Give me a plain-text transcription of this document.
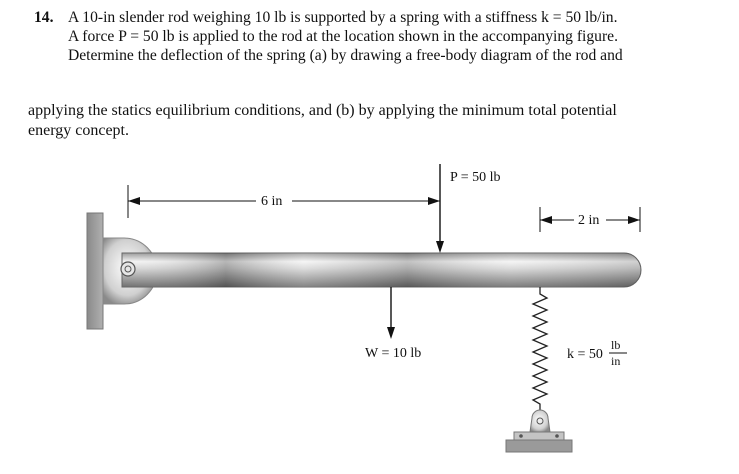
14. A 10-in slender rod weighing 10 lb is supported by a spring with a stiffness k = 50 lb/in.
A force P = 50 lb is applied to the rod at the location shown in the accompanying figure.
Determine the deflection of the spring (a) by drawing a free-body diagram of the rod and
applying the statics equilibrium conditions, and (b) by applying the minimum total potential
energy concept.
6 in
P = 50 lb
2 in
W = 10 lb	k = 50
lb
in
